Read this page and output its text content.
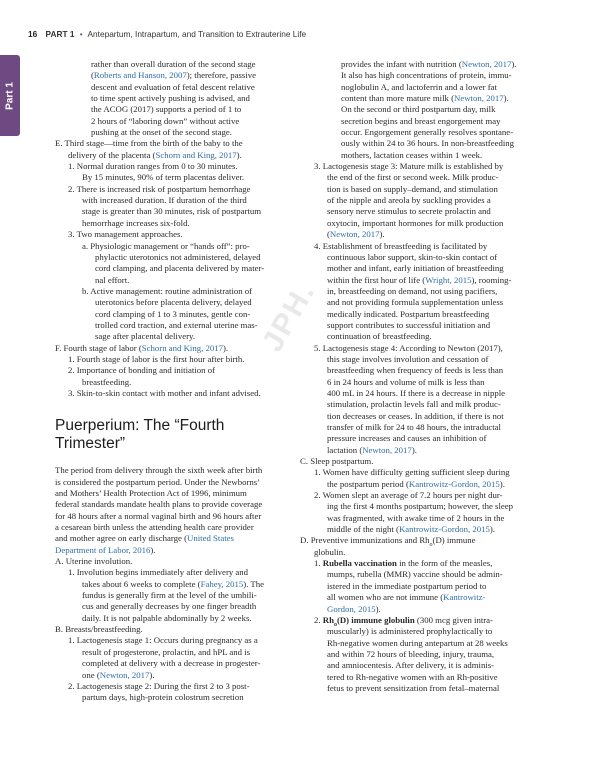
16 PART 1 • Antepartum, Intrapartum, and Transition to Extrauterine Life
Part 1
rather than overall duration of the second stage
(Roberts and Hanson, 2007); therefore, passive
descent and evaluation of fetal descent relative
to time spent actively pushing is advised, and
the ACOG (2017) supports a period of 1 to
2 hours of “laboring down” without active
pushing at the onset of the second stage.
E. Third stage—time from the birth of the baby to the
delivery of the placenta (Schorn and King, 2017).
1. Normal duration ranges from 0 to 30 minutes.
By 15 minutes, 90% of term placentas deliver.
2. There is increased risk of postpartum hemorrhage
with increased duration. If duration of the third
stage is greater than 30 minutes, risk of postpartum
hemorrhage increases six-fold.
3. Two management approaches.
a. Physiologic management or “hands off”: pro-
phylactic uterotonics not administered, delayed
cord clamping, and placenta delivered by mater-
nal effort.
b. Active management: routine administration of
uterotonics before placenta delivery, delayed
cord clamping of 1 to 3 minutes, gentle con-
trolled cord traction, and external uterine mas-
sage after placental delivery.
F. Fourth stage of labor (Schorn and King, 2017).
1. Fourth stage of labor is the first hour after birth.
2. Importance of bonding and initiation of
breastfeeding.
3. Skin-to-skin contact with mother and infant advised.
Puerperium: The “Fourth
Trimester”
The period from delivery through the sixth week after birth
is considered the postpartum period. Under the Newborns’
and Mothers’ Health Protection Act of 1996, minimum
federal standards mandate health plans to provide coverage
for 48 hours after a normal vaginal birth and 96 hours after
a cesarean birth unless the attending health care provider
and mother agree on early discharge (United States
Department of Labor, 2016).
A. Uterine involution.
1. Involution begins immediately after delivery and
takes about 6 weeks to complete (Fahey, 2015). The
fundus is generally firm at the level of the umbili-
cus and generally decreases by one finger breadth
daily. It is not palpable abdominally by 2 weeks.
B. Breasts/breastfeeding.
1. Lactogenesis stage 1: Occurs during pregnancy as a
result of progesterone, prolactin, and hPL and is
completed at delivery with a decrease in progester-
one (Newton, 2017).
2. Lactogenesis stage 2: During the first 2 to 3 post-
partum days, high-protein colostrum secretion
provides the infant with nutrition (Newton, 2017).
It also has high concentrations of protein, immu-
noglobulin A, and lactoferrin and a lower fat
content than more mature milk (Newton, 2017).
On the second or third postpartum day, milk
secretion begins and breast engorgement may
occur. Engorgement generally resolves spontane-
ously within 24 to 36 hours. In non-breastfeeding
mothers, lactation ceases within 1 week.
3. Lactogenesis stage 3: Mature milk is established by
the end of the first or second week. Milk produc-
tion is based on supply–demand, and stimulation
of the nipple and areola by suckling provides a
sensory nerve stimulus to secrete prolactin and
oxytocin, important hormones for milk production
(Newton, 2017).
4. Establishment of breastfeeding is facilitated by
continuous labor support, skin-to-skin contact of
mother and infant, early initiation of breastfeeding
within the first hour of life (Wright, 2015), rooming-
in, breastfeeding on demand, not using pacifiers,
and not providing formula supplementation unless
medically indicated. Postpartum breastfeeding
support contributes to successful initiation and
continuation of breastfeeding.
5. Lactogenesis stage 4: According to Newton (2017),
this stage involves involution and cessation of
breastfeeding when frequency of feeds is less than
6 in 24 hours and volume of milk is less than
400 mL in 24 hours. If there is a decrease in nipple
stimulation, prolactin levels fall and milk produc-
tion decreases or ceases. In addition, if there is not
transfer of milk for 24 to 48 hours, the intraductal
pressure increases and causes an inhibition of
lactation (Newton, 2017).
C. Sleep postpartum.
1. Women have difficulty getting sufficient sleep during
the postpartum period (Kantrowitz-Gordon, 2015).
2. Women slept an average of 7.2 hours per night dur-
ing the first 4 months postpartum; however, the sleep
was fragmented, with awake time of 2 hours in the
middle of the night (Kantrowitz-Gordon, 2015).
D. Preventive immunizations and $Rh_o(D)$ immune
globulin.
1. Rubella vaccination in the form of the measles,
mumps, rubella (MMR) vaccine should be admin-
istered in the immediate postpartum period to
all women who are not immune (Kantrowitz-
Gordon, 2015).
2. $Rh_o(D)$ immune globulin (300 mcg given intra-
muscularly) is administered prophylactically to
Rh-negative women during antepartum at 28 weeks
and within 72 hours of bleeding, injury, trauma,
and amniocentesis. After delivery, it is adminis-
tered to Rh-negative women with an Rh-positive
fetus to prevent sensitization from fetal–maternal
JPH.
